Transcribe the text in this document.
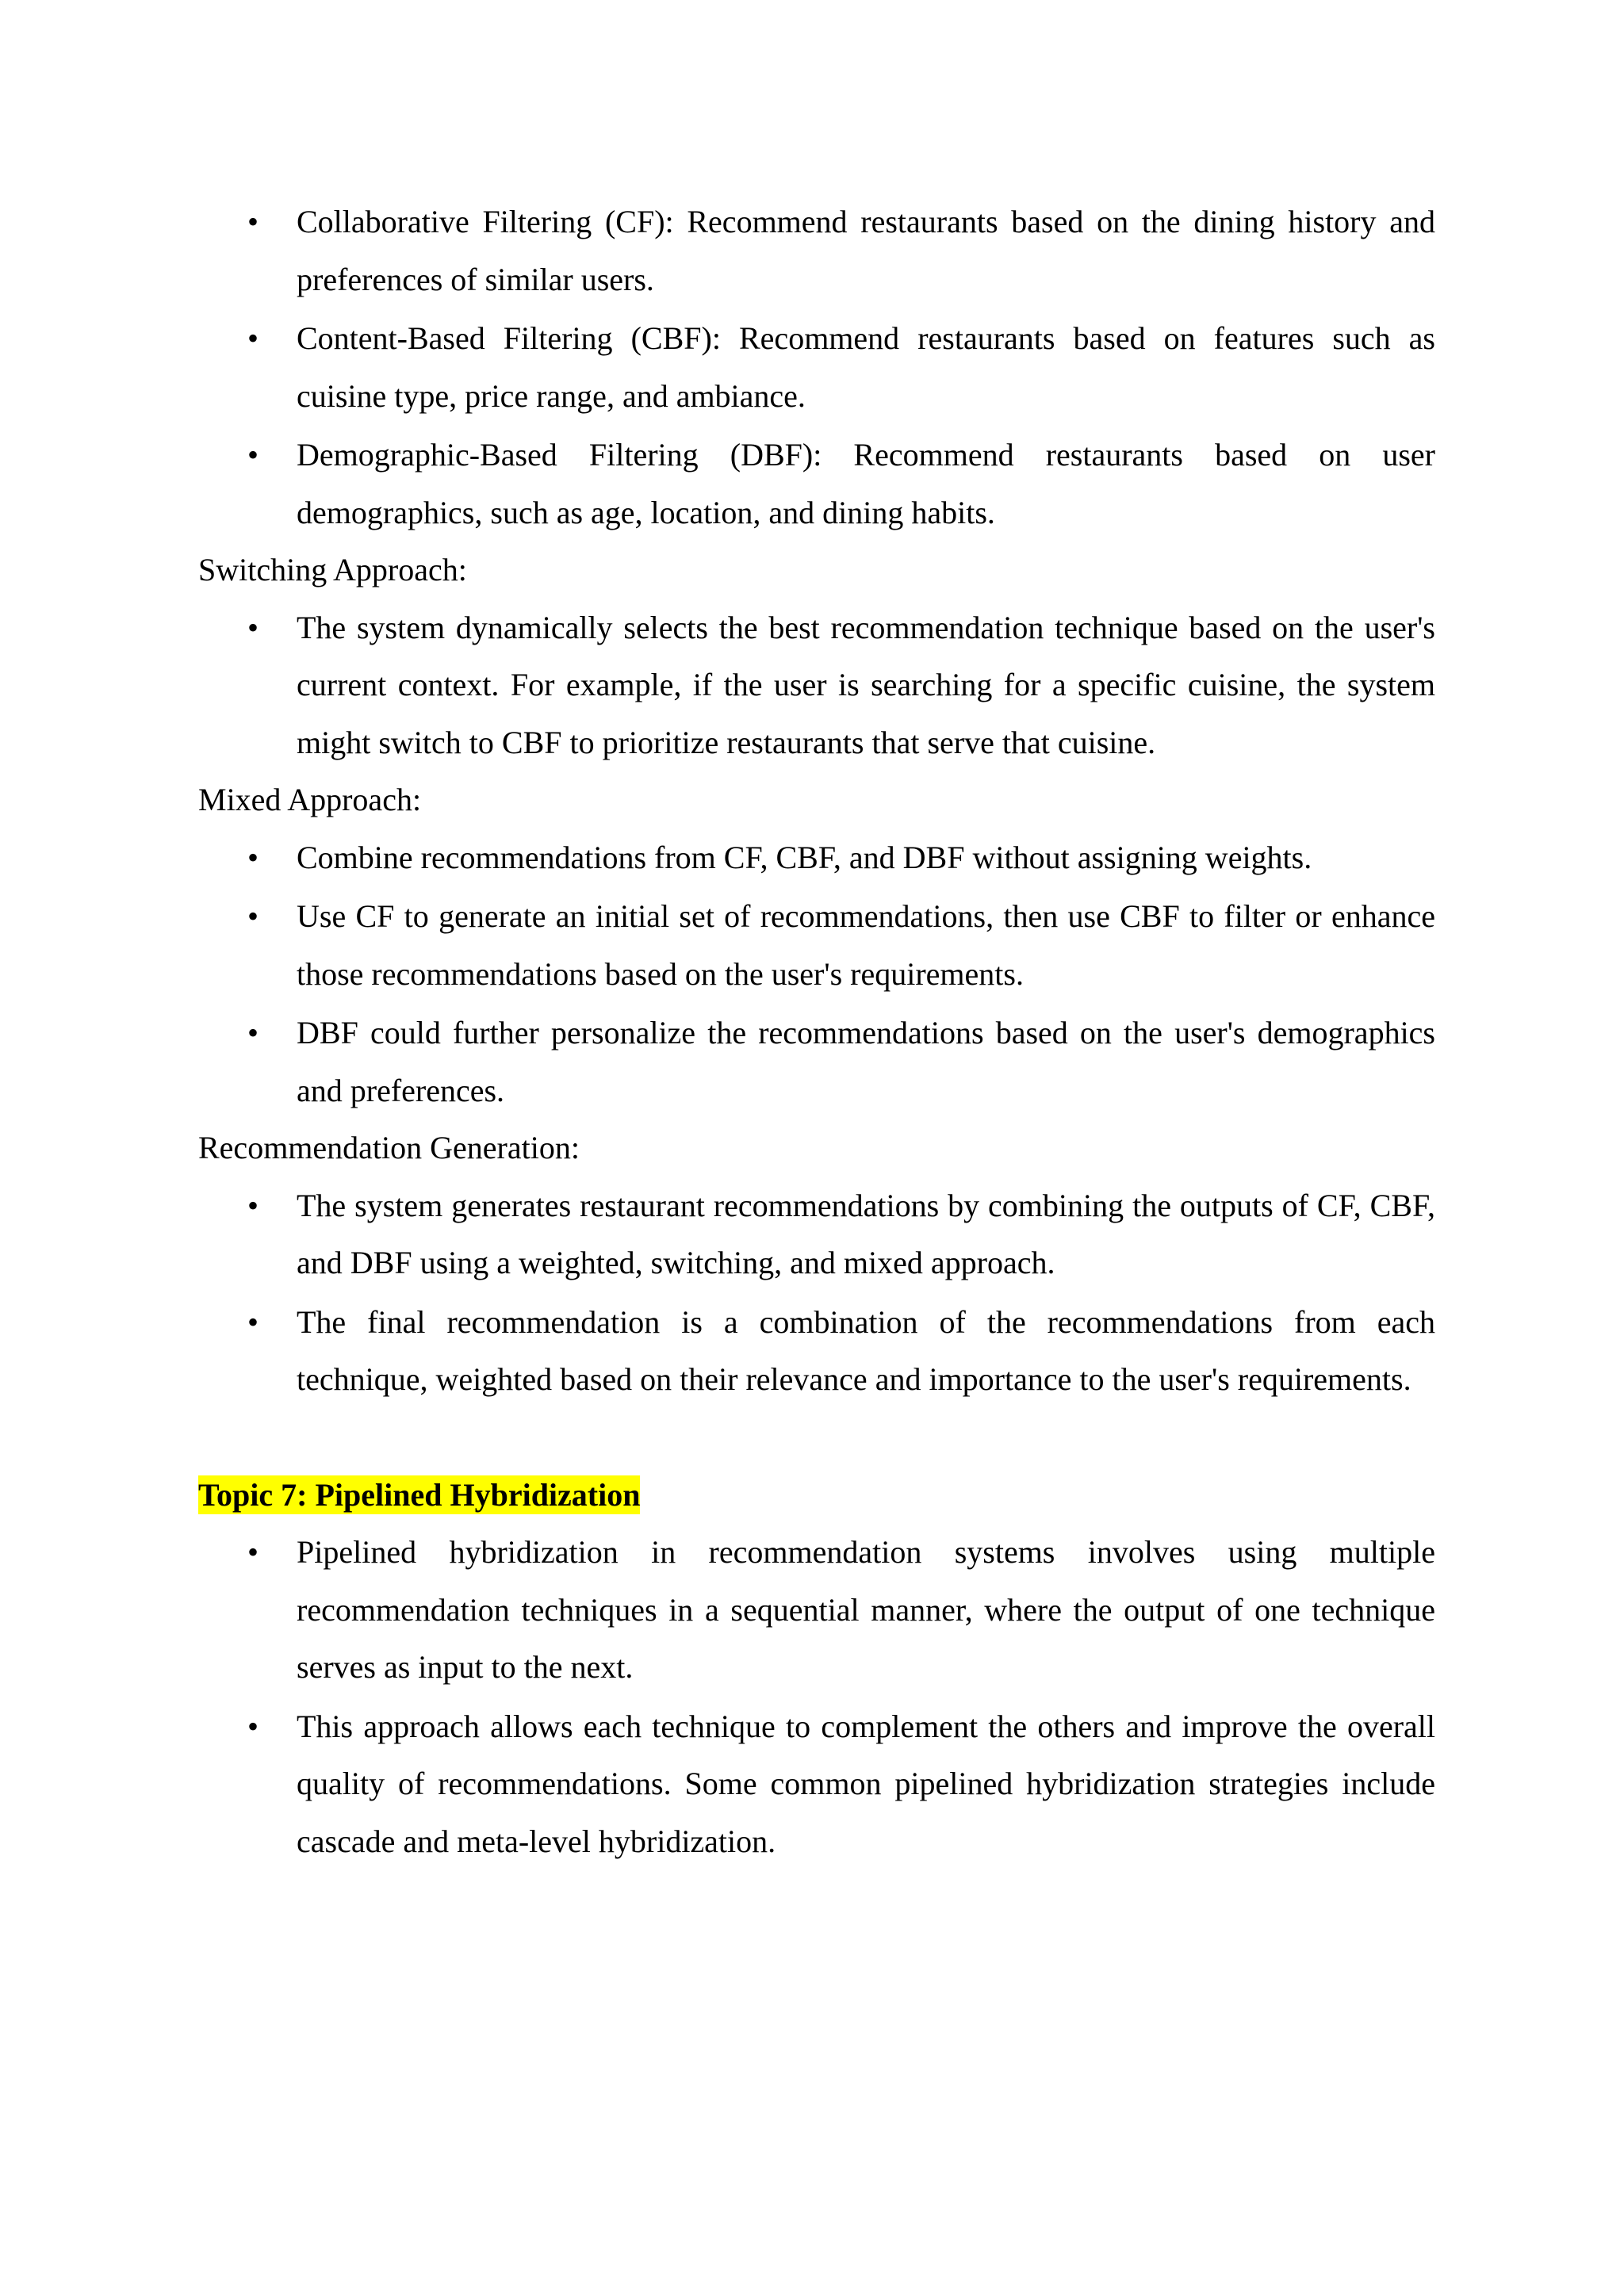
•	Collaborative Filtering (CF): Recommend restaurants based on the dining history and preferences of similar users.
•	Content-Based Filtering (CBF): Recommend restaurants based on features such as cuisine type, price range, and ambiance.
•	Demographic-Based Filtering (DBF): Recommend restaurants based on user demographics, such as age, location, and dining habits.

Switching Approach:

•	The system dynamically selects the best recommendation technique based on the user's current context. For example, if the user is searching for a specific cuisine, the system might switch to CBF to prioritize restaurants that serve that cuisine.

Mixed Approach:

•	Combine recommendations from CF, CBF, and DBF without assigning weights.
•	Use CF to generate an initial set of recommendations, then use CBF to filter or enhance those recommendations based on the user's requirements.
•	DBF could further personalize the recommendations based on the user's demographics and preferences.

Recommendation Generation:

•	The system generates restaurant recommendations by combining the outputs of CF, CBF, and DBF using a weighted, switching, and mixed approach.
•	The final recommendation is a combination of the recommendations from each technique, weighted based on their relevance and importance to the user's requirements.

Topic 7: Pipelined Hybridization

•	Pipelined hybridization in recommendation systems involves using multiple recommendation techniques in a sequential manner, where the output of one technique serves as input to the next.
•	This approach allows each technique to complement the others and improve the overall quality of recommendations. Some common pipelined hybridization strategies include cascade and meta-level hybridization.
